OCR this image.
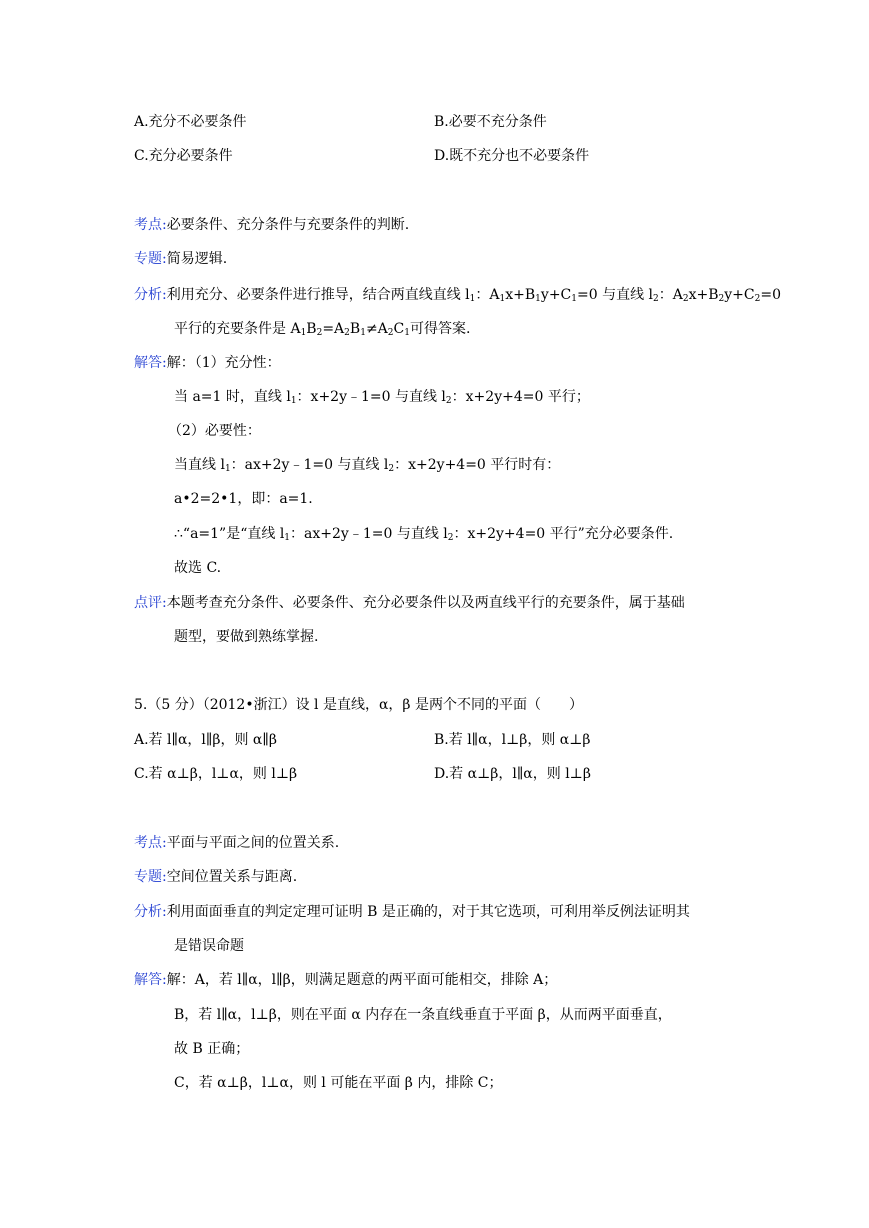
A.充分不必要条件	B.必要不充分条件
C.充分必要条件	D.既不充分也不必要条件
考点:必要条件、充分条件与充要条件的判断.
专题:简易逻辑.
分析:利用充分、必要条件进行推导，结合两直线直线 $l_1$：$A_1x+B_1y+C_1=0$ 与直线 $l_2$：$A_2x+B_2y+C_2=0$
平行的充要条件是 $A_1B_2=A_2B_1\ne A_2C_1$可得答案.
解答:解：（1）充分性：
当 a=1 时，直线 $l_1$：x+2y﹣1=0 与直线 $l_2$：x+2y+4=0 平行；
（2）必要性：
当直线 $l_1$：ax+2y﹣1=0 与直线 $l_2$：x+2y+4=0 平行时有：
a•2=2•1，即：a=1.
∴“a=1”是“直线 $l_1$：ax+2y﹣1=0 与直线 $l_2$：x+2y+4=0 平行”充分必要条件.
故选 C.
点评:本题考查充分条件、必要条件、充分必要条件以及两直线平行的充要条件，属于基础
题型，要做到熟练掌握.
5.（5 分）（2012•浙江）设 l 是直线，α，β 是两个不同的平面（　　）
A.若 l∥α，l∥β，则 α∥β	B.若 l∥α，l⊥β，则 α⊥β
C.若 α⊥β，l⊥α，则 l⊥β	D.若 α⊥β，l∥α，则 l⊥β
考点:平面与平面之间的位置关系.
专题:空间位置关系与距离.
分析:利用面面垂直的判定定理可证明 B 是正确的，对于其它选项，可利用举反例法证明其
是错误命题
解答:解：A，若 l∥α，l∥β，则满足题意的两平面可能相交，排除 A；
B，若 l∥α，l⊥β，则在平面 α 内存在一条直线垂直于平面 β，从而两平面垂直，
故 B 正确；
C，若 α⊥β，l⊥α，则 l 可能在平面 β 内，排除 C；
